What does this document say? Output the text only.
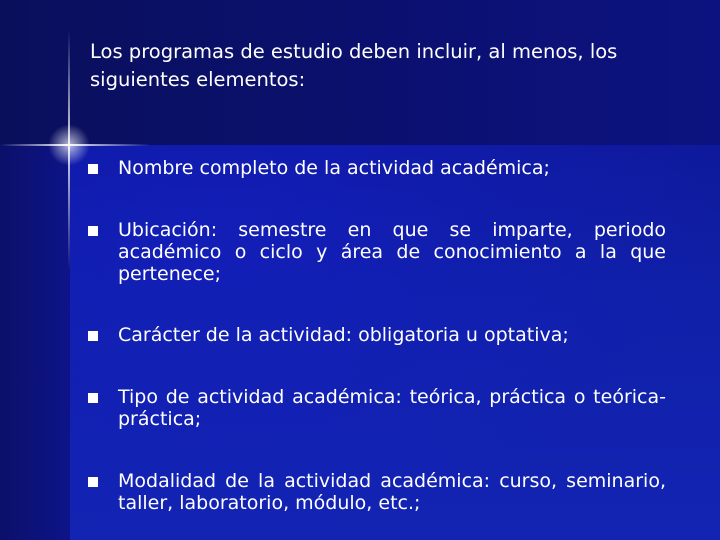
Los programas de estudio deben incluir, al menos, los siguientes elementos:
Nombre completo de la actividad académica;
Ubicación: semestre en que se imparte, periodo académico o ciclo y área de conocimiento a la que pertenece;
Carácter de la actividad: obligatoria u optativa;
Tipo de actividad académica: teórica, práctica o teórica-práctica;
Modalidad de la actividad académica: curso, seminario, taller, laboratorio, módulo, etc.;
